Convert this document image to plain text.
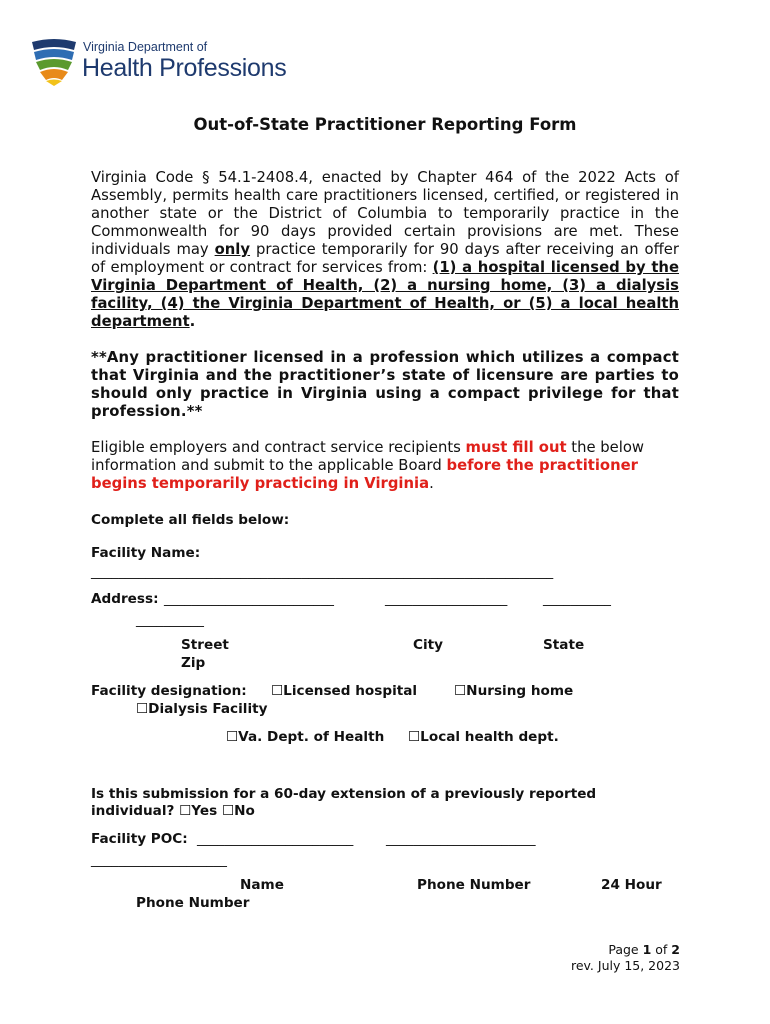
Virginia Department of
Health Professions
Out-of-State Practitioner Reporting Form
Virginia Code § 54.1-2408.4, enacted by Chapter 464 of the 2022 Acts of Assembly, permits health care practitioners licensed, certified, or registered in another state or the District of Columbia to temporarily practice in the Commonwealth for 90 days provided certain provisions are met. These individuals may only practice temporarily for 90 days after receiving an offer of employment or contract for services from: (1) a hospital licensed by the Virginia Department of Health, (2) a nursing home, (3) a dialysis facility, (4) the Virginia Department of Health, or (5) a local health department.
**Any practitioner licensed in a profession which utilizes a compact that Virginia and the practitioner’s state of licensure are parties to should only practice in Virginia using a compact privilege for that profession.**
Eligible employers and contract service recipients must fill out the below information and submit to the applicable Board before the practitioner begins temporarily practicing in Virginia.
Complete all fields below:
Facility Name:
____________________________________________________________________
Address: _________________________	__________________	__________
__________
Street	City	State
Zip
Facility designation: ☐Licensed hospital	☐Nursing home
☐Dialysis Facility
☐Va. Dept. of Health ☐Local health dept.
Is this submission for a 60-day extension of a previously reported individual? ☐Yes ☐No
Facility POC: _______________________ ______________________
____________________
Name	Phone Number	24 Hour
Phone Number
Page 1 of 2
rev. July 15, 2023
